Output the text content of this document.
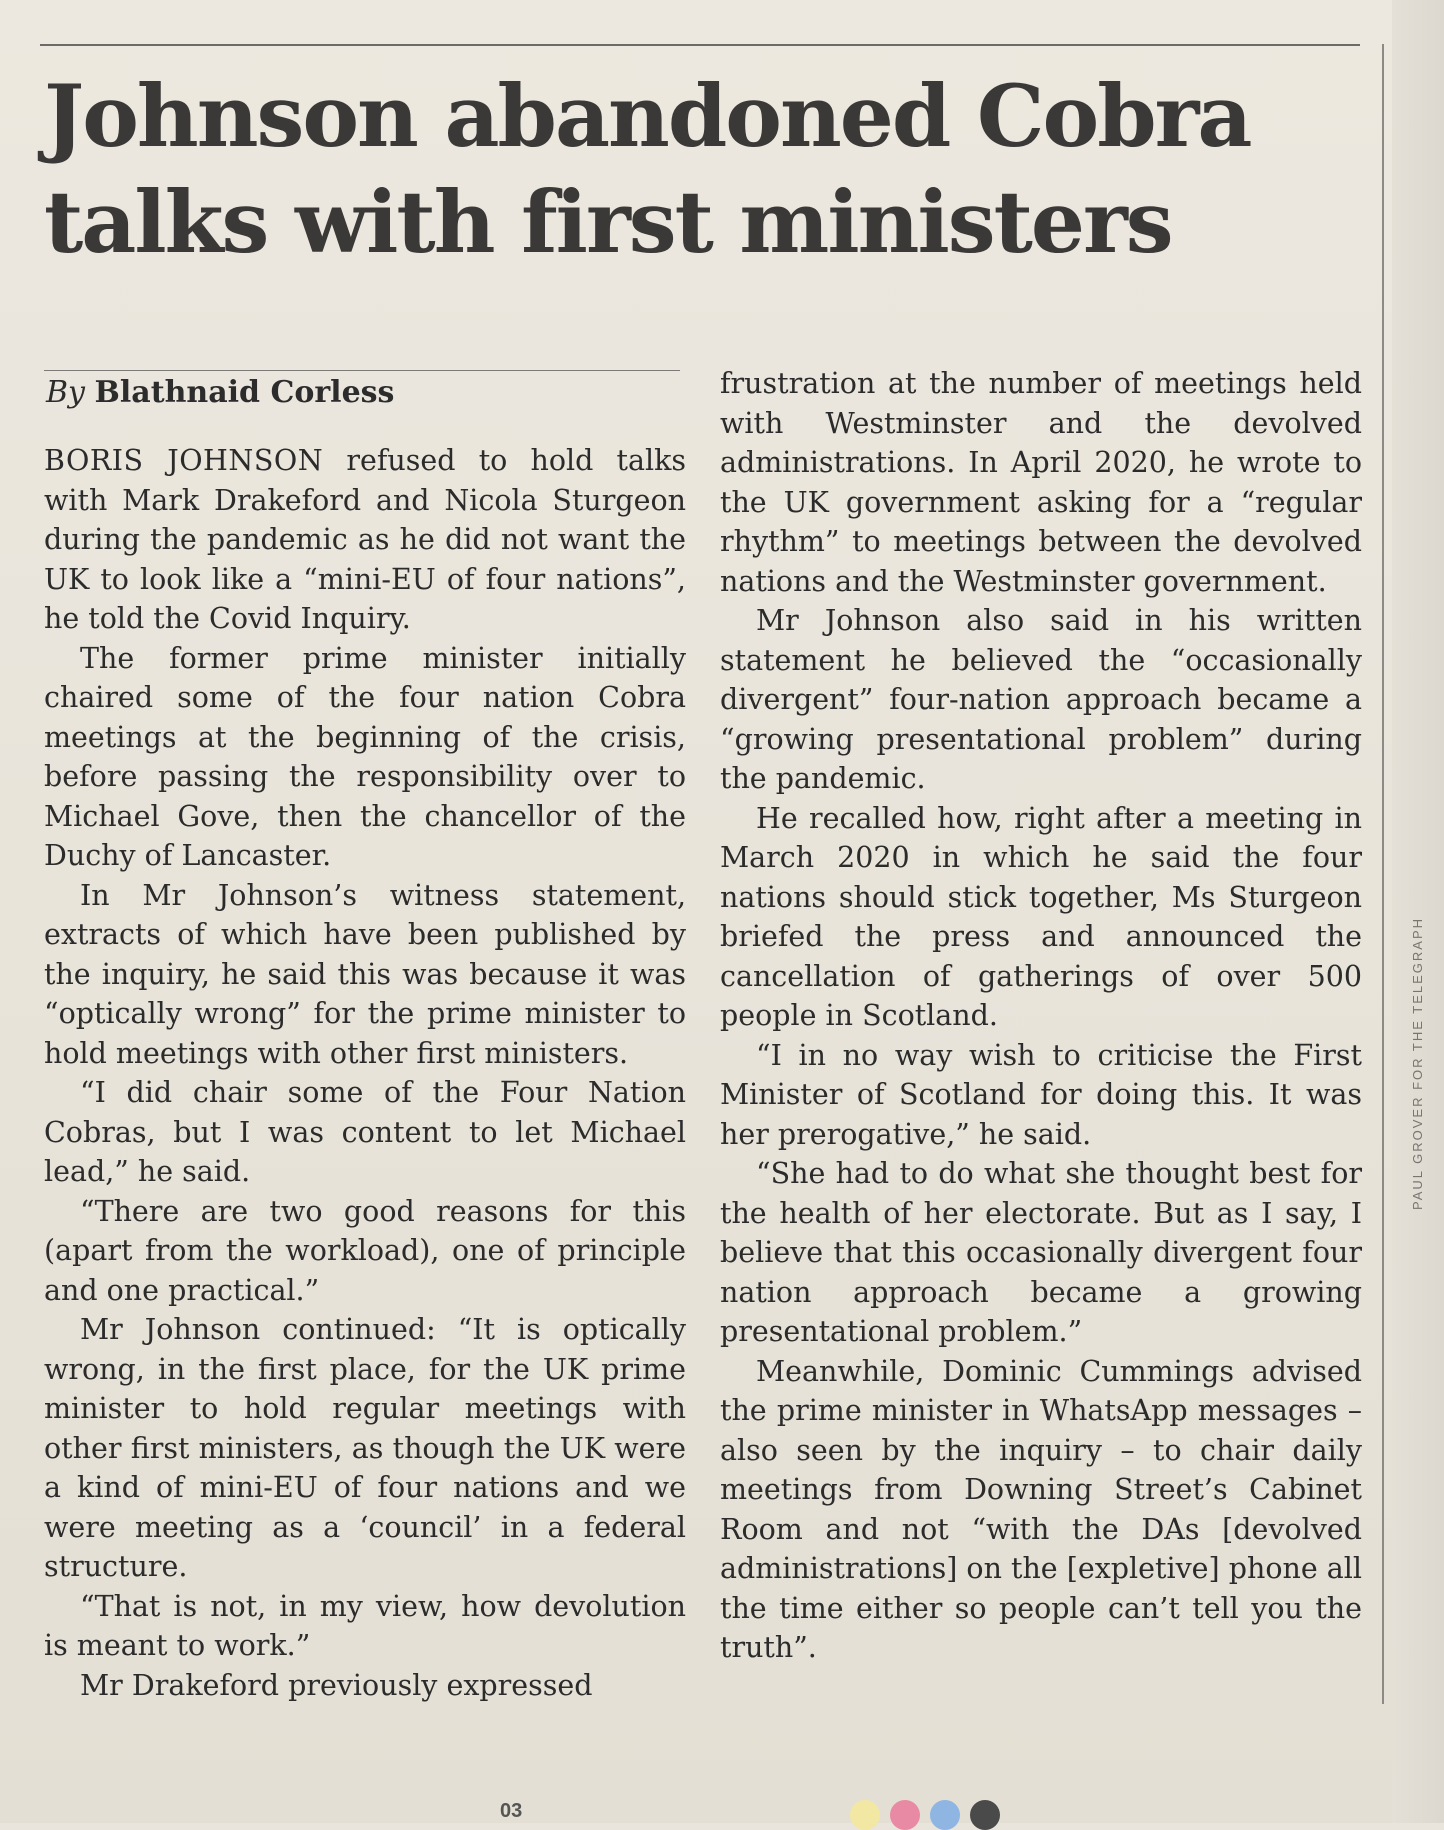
PAUL GROVER FOR THE TELEGRAPH
Johnson abandoned Cobra
talks with first ministers
By Blathnaid Corless

BORIS JOHNSON refused to hold talks with Mark Drakeford and Nicola Sturgeon during the pandemic as he did not want the UK to look like a “mini-EU of four nations”, he told the Covid Inquiry.

The former prime minister initially chaired some of the four nation Cobra meetings at the beginning of the crisis, before passing the responsibility over to Michael Gove, then the chancellor of the Duchy of Lancaster.

In Mr Johnson’s witness statement, extracts of which have been published by the inquiry, he said this was because it was “optically wrong” for the prime minister to hold meetings with other first ministers.

“I did chair some of the Four Nation Cobras, but I was content to let Michael lead,” he said.

“There are two good reasons for this (apart from the workload), one of principle and one practical.”

Mr Johnson continued: “It is optically wrong, in the first place, for the UK prime minister to hold regular meetings with other first ministers, as though the UK were a kind of mini-EU of four nations and we were meeting as a ‘council’ in a federal structure.

“That is not, in my view, how devolution is meant to work.”

Mr Drakeford previously expressed

frustration at the number of meetings held with Westminster and the devolved administrations. In April 2020, he wrote to the UK government asking for a “regular rhythm” to meetings between the devolved nations and the Westminster government.

Mr Johnson also said in his written statement he believed the “occasionally divergent” four-nation approach became a “growing presentational problem” during the pandemic.

He recalled how, right after a meeting in March 2020 in which he said the four nations should stick together, Ms Sturgeon briefed the press and announced the cancellation of gatherings of over 500 people in Scotland.

“I in no way wish to criticise the First Minister of Scotland for doing this. It was her prerogative,” he said.

“She had to do what she thought best for the health of her electorate. But as I say, I believe that this occasionally divergent four nation approach became a growing presentational problem.”

Meanwhile, Dominic Cummings advised the prime minister in WhatsApp messages – also seen by the inquiry – to chair daily meetings from Downing Street’s Cabinet Room and not “with the DAs [devolved administrations] on the [expletive] phone all the time either so people can’t tell you the truth”.

03
